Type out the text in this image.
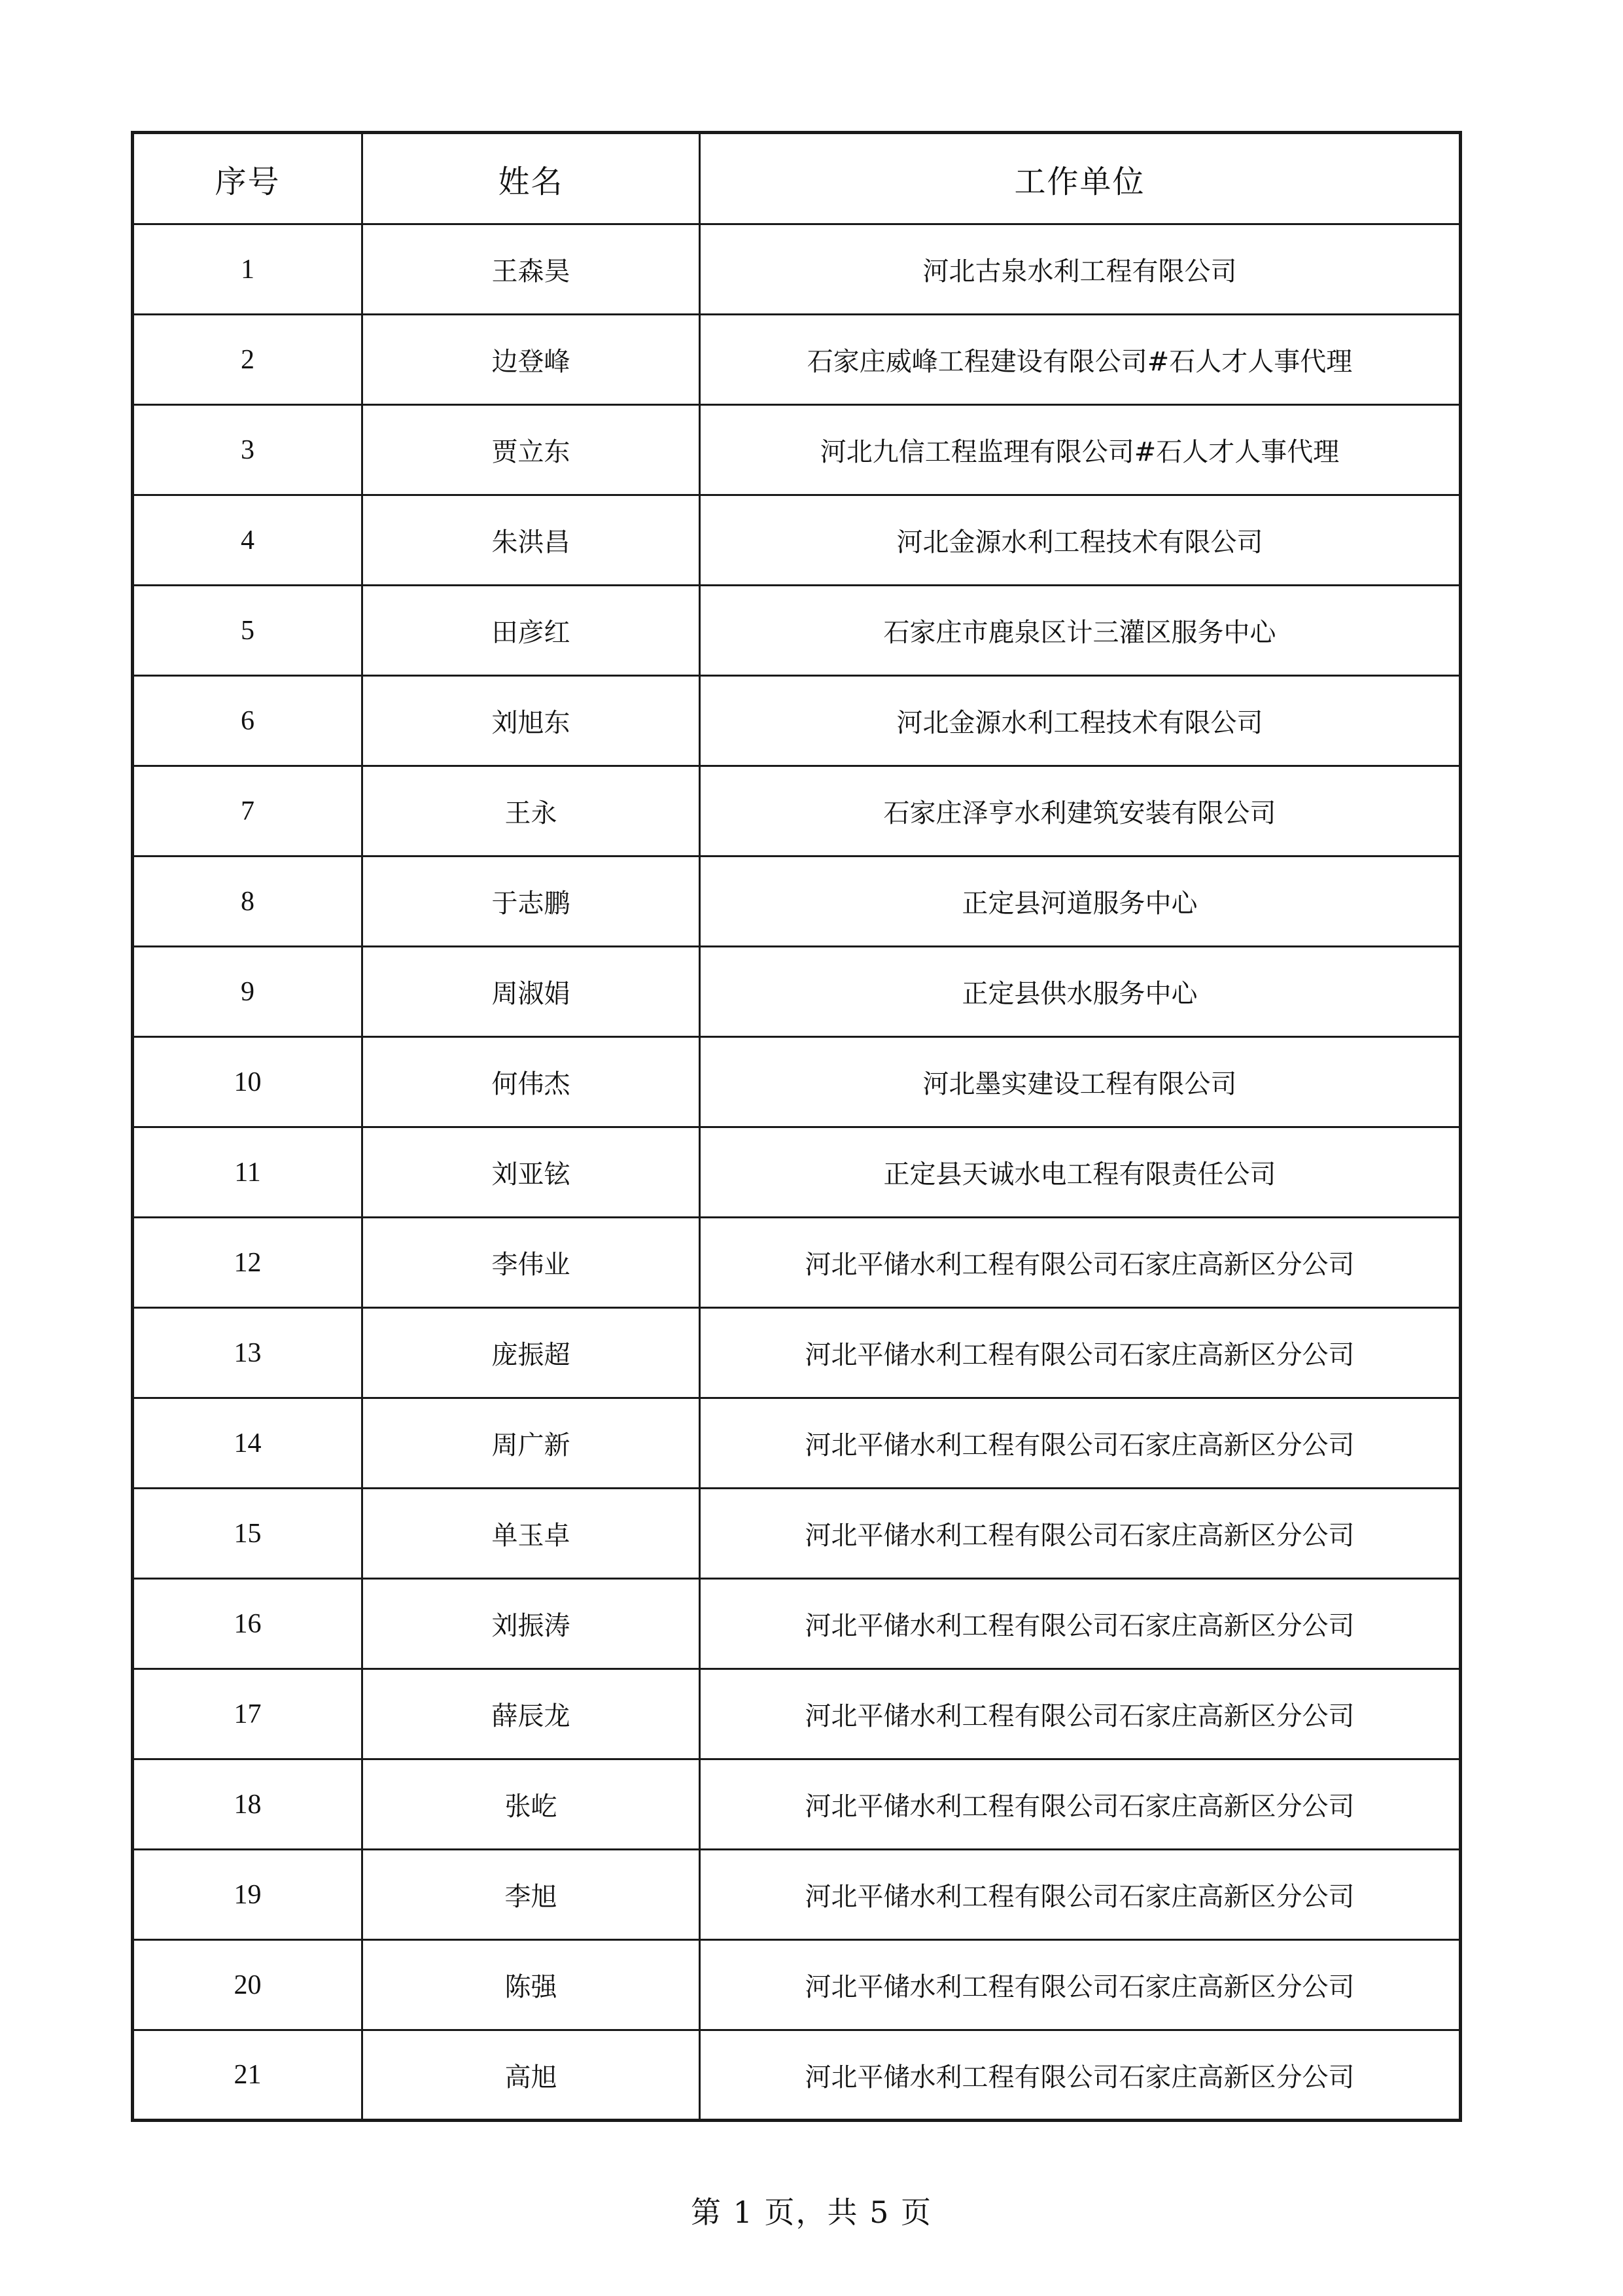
序号	姓名	工作单位
1	王森昊	河北古泉水利工程有限公司
2	边登峰	石家庄威峰工程建设有限公司#石人才人事代理
3	贾立东	河北九信工程监理有限公司#石人才人事代理
4	朱洪昌	河北金源水利工程技术有限公司
5	田彦红	石家庄市鹿泉区计三灌区服务中心
6	刘旭东	河北金源水利工程技术有限公司
7	王永	石家庄泽亨水利建筑安装有限公司
8	于志鹏	正定县河道服务中心
9	周淑娟	正定县供水服务中心
10	何伟杰	河北墨实建设工程有限公司
11	刘亚铉	正定县天诚水电工程有限责任公司
12	李伟业	河北平储水利工程有限公司石家庄高新区分公司
13	庞振超	河北平储水利工程有限公司石家庄高新区分公司
14	周广新	河北平储水利工程有限公司石家庄高新区分公司
15	单玉卓	河北平储水利工程有限公司石家庄高新区分公司
16	刘振涛	河北平储水利工程有限公司石家庄高新区分公司
17	薛辰龙	河北平储水利工程有限公司石家庄高新区分公司
18	张屹	河北平储水利工程有限公司石家庄高新区分公司
19	李旭	河北平储水利工程有限公司石家庄高新区分公司
20	陈强	河北平储水利工程有限公司石家庄高新区分公司
21	高旭	河北平储水利工程有限公司石家庄高新区分公司
第 1 页，共 5 页
